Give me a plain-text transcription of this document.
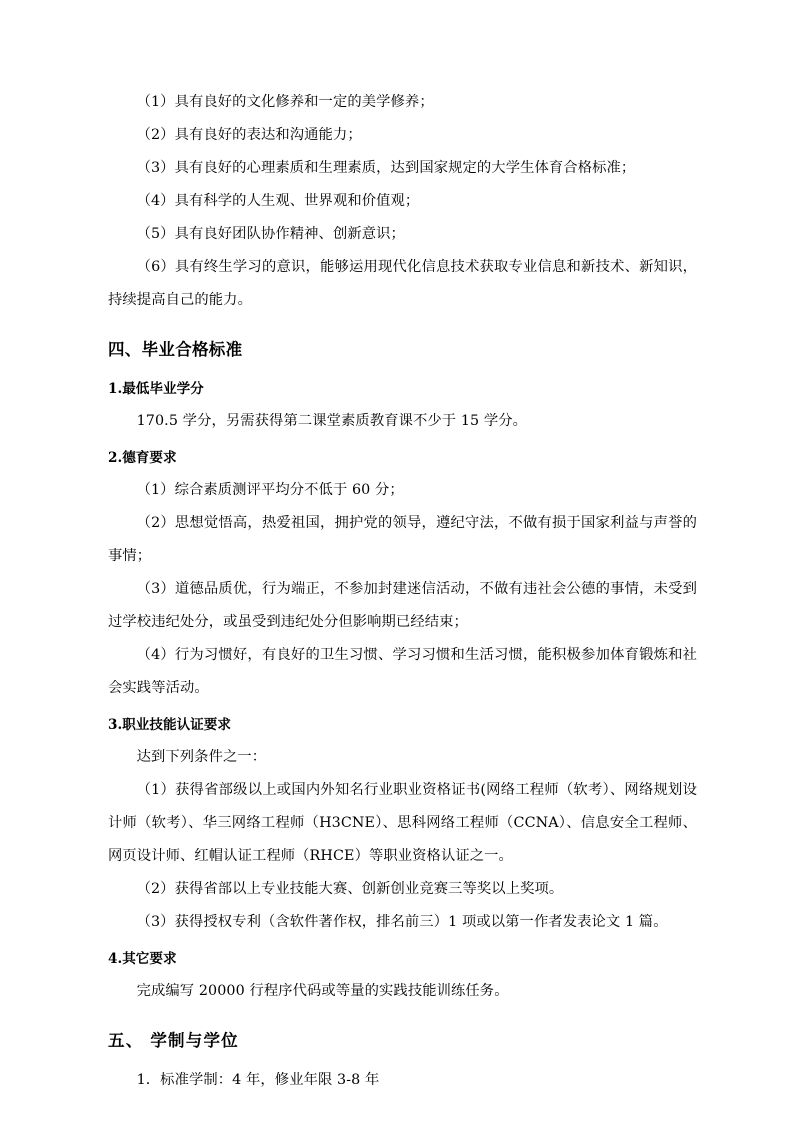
（1）具有良好的文化修养和一定的美学修养；

（2）具有良好的表达和沟通能力；

（3）具有良好的心理素质和生理素质，达到国家规定的大学生体育合格标准；

（4）具有科学的人生观、世界观和价值观；

（5）具有良好团队协作精神、创新意识；

（6）具有终生学习的意识，能够运用现代化信息技术获取专业信息和新技术、新知识，持续提高自己的能力。

四、毕业合格标准
1.最低毕业学分

170.5 学分，另需获得第二课堂素质教育课不少于 15 学分。

2.德育要求

（1）综合素质测评平均分不低于 60 分；

（2）思想觉悟高，热爱祖国，拥护党的领导，遵纪守法，不做有损于国家利益与声誉的事情；

（3）道德品质优，行为端正，不参加封建迷信活动，不做有违社会公德的事情，未受到过学校违纪处分，或虽受到违纪处分但影响期已经结束；

（4）行为习惯好，有良好的卫生习惯、学习习惯和生活习惯，能积极参加体育锻炼和社会实践等活动。

3.职业技能认证要求

达到下列条件之一：

（1）获得省部级以上或国内外知名行业职业资格证书(网络工程师（软考）、网络规划设计师（软考）、华三网络工程师（H3CNE）、思科网络工程师（CCNA）、信息安全工程师、网页设计师、红帽认证工程师（RHCE）等职业资格认证之一。

（2）获得省部以上专业技能大赛、创新创业竞赛三等奖以上奖项。

（3）获得授权专利（含软件著作权，排名前三）1 项或以第一作者发表论文 1 篇。

4.其它要求

完成编写 20000 行程序代码或等量的实践技能训练任务。

五、 学制与学位

1．标准学制：4 年，修业年限 3-8 年
